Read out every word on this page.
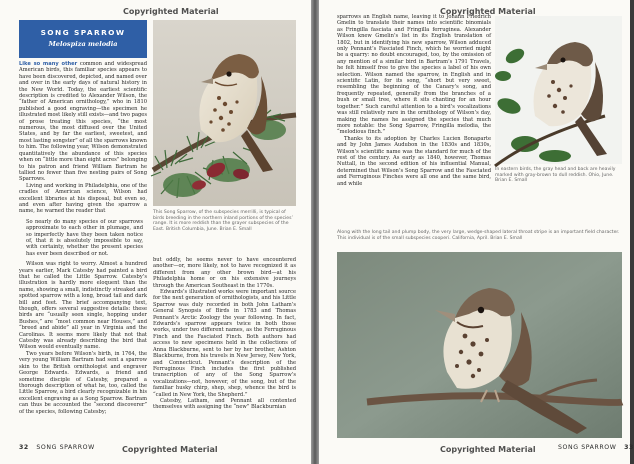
Copyrighted Material
SONG SPARROW
Melospiza melodia

Like so many other common and widespread American birds, this familiar species appears to have been discovered, depicted, and named over and over in the early days of natural history in the New World. Today, the earliest scientific description is credited to Alexander Wilson, the “father of American ornithology,” who in 1810 published a good engraving—the specimen he illustrated most likely still exists—and two pages of prose treating this species, “the most numerous, the most diffused over the United States, and by far the earliest, sweetest, and most lasting songster” of all the sparrows known to him. The following year, Wilson demonstrated quantitatively the abundance of this species when on “little more than eight acres” belonging to his patron and friend William Bartram he tallied no fewer than five nesting pairs of Song Sparrows.

Living and working in Philadelphia, one of the cradles of American science, Wilson had excellent libraries at his disposal, but even so, and even after having given the sparrow a name, he warned the reader that

So nearly do many species of our sparrows approximate to each other in plumage, and so imperfectly have they been taken notice of, that it is absolutely impossible to say, with certainty, whether the present species has ever been described or not.

Wilson was right to worry. Almost a hundred years earlier, Mark Catesby had painted a bird that he called the Little Sparrow. Catesby’s illustration is hardly more eloquent than the name, showing a small, indistinctly streaked and spotted sparrow with a long, broad tail and dark bill and feet. The brief accompanying text, though, offers several suggestive details: these birds are “usually seen single, hopping under Bushes,” are “most common near Houses,” and “breed and abide” all year in Virginia and the Carolinas. It seems more likely that not that Catesby was already describing the bird that Wilson would eventually name.

Two years before Wilson’s birth, in 1764, the very young William Bartram had sent a sparrow skin to the British ornithologist and engraver George Edwards. Edwards, a friend and sometime disciple of Catesby, prepared a thorough description of what he, too, called the Little Sparrow, a bird clearly recognizable in his excellent engraving as a Song Sparrow. Bartram can thus be accounted the “second discoverer” of the species, following Catesby;

This Song Sparrow, of the subspecies merrilli, is typical of birds breeding in the northern inland portions of the species’ range. It is more reddish than the grayer subspecies of the East. British Columbia, June. Brian E. Small

but oddly, he seems never to have encountered another—or, more likely, not to have recognized it as different from any other brown bird—at his Philadelphia home or on his extensive journeys through the American Southeast in the 1770s.

Edwards’s illustrated works were important source for the next generation of ornithologists, and his Little Sparrow was duly recorded in both John Latham’s General Synopsis of Birds in 1783 and Thomas Pennant’s Arctic Zoology the year following. In fact, Edwards’s sparrow appears twice in both those works, under two different names, as the Ferruginous Finch and the Fasciated Finch. Both authors had access to new specimens held in the collections of Anna Blackburne, sent to her by her brother, Ashton Blackburne, from his travels in New Jersey, New York, and Connecticut. Pennant’s description of the Ferruginous Finch includes the first published transcription of any of the Song Sparrow’s vocalizations—not, however, of the song, but of the familiar husky chirp, shep, shep, whence the bird is “called in New York, the Shepherd.”

Catesby, Latham, and Pennant all contented themselves with assigning the “new” Blackburnian

32 SONG SPARROW	Copyrighted Material
Copyrighted Material

sparrows an English name, leaving it to Johann Friedrich Gmelin to translate their names into scientific binomials as Fringilla fasciata and Fringilla ferruginea. Alexander Wilson knew Gmelin’s list in its English translation of 1802, but in identifying his new sparrow, Wilson adduced only Pennant’s Fasciated Finch, which he worried might be a quarry: no doubt encouraged, too, by the omission of any mention of a similar bird in Bartram’s 1791 Travels, he felt himself free to give the species a label of his own selection. Wilson named the sparrow, in English and in scientific Latin, for its song, “short but very sweet, resembling the beginning of the Canary’s song, and frequently repeated, generally from the branches of a bush or small tree, where it sits chanting for an hour together.” Such careful attention to a bird’s vocalizations was still relatively rare in the ornithology of Wilson’s day, making the names he assigned the species that much more notable: the Song Sparrow, Fringilla melodia, the “melodious finch.”

Thanks to its adoption by Charles Lucien Bonaparte and by John James Audubon in the 1830s and 1830s, Wilson’s scientific name was the standard for much of the rest of the century. As early as 1840, however, Thomas Nuttall, in the second edition of his influential Manual, determined that Wilson’s Song Sparrow and the Fasciated and Ferruginous Finches were all one and the same bird, and while

In eastern birds, the gray head and back are heavily marked with gray-brown to dull reddish. Ohio, June. Brian E. Small
Along with the long tail and plump body, the very large, wedge-shaped lateral throat stripe is an important field character. This individual is of the small subspecies cooperi. California, April. Brian E. Small
Copyrighted Material	SONG SPARROW 33
